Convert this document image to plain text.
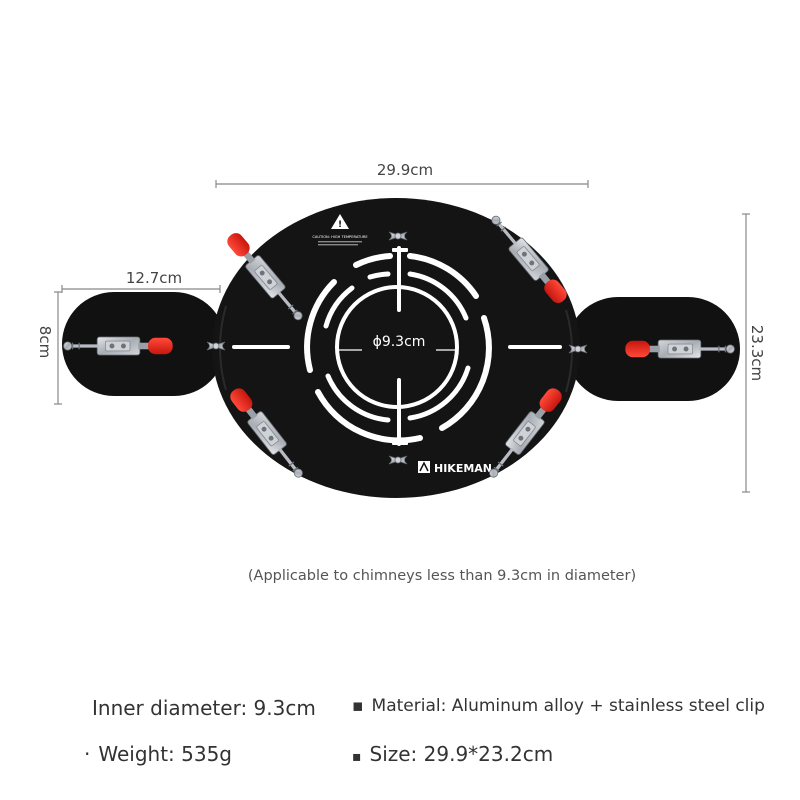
!
CAUTION: HIGH TEMPERATURE
HIKEMAN
29.9cm
23.3cm
12.7cm
8cm	ϕ9.3cm
(Applicable to chimneys less than 9.3cm in diameter)
Inner diameter: 9.3cm ▪ Material: Aluminum alloy + stainless steel clip
· Weight: 535g	▪ Size: 29.9*23.2cm
